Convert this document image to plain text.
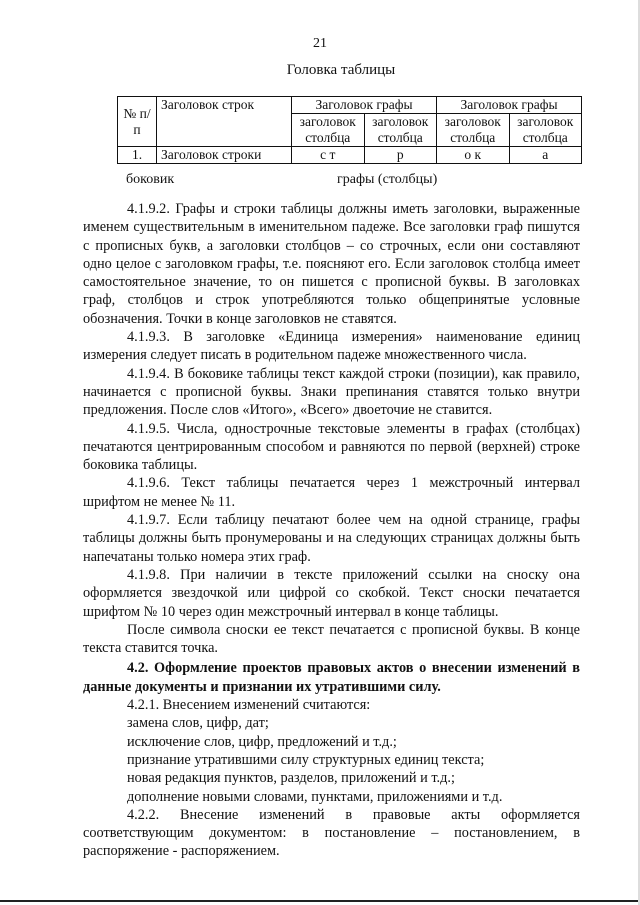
21
Головка таблицы
№ п/п	Заголовок строк	Заголовок графы		Заголовок графы	
		заголовок столбца	заголовок столбца	заголовок столбца	заголовок столбца
1.	Заголовок строки	с т	р	о к	а
боковик	графы (столбцы)

4.1.9.2. Графы и строки таблицы должны иметь заголовки, выраженные именем существительным в именительном падеже. Все заголовки граф пишутся с прописных букв, а заголовки столбцов – со строчных, если они составляют одно целое с заголовком графы, т.е. поясняют его. Если заголовок столбца имеет самостоятельное значение, то он пишется с прописной буквы. В заголовках граф, столбцов и строк употребляются только общепринятые условные обозначения. Точки в конце заголовков не ставятся.

4.1.9.3. В заголовке «Единица измерения» наименование единиц измерения следует писать в родительном падеже множественного числа.

4.1.9.4. В боковике таблицы текст каждой строки (позиции), как правило, начинается с прописной буквы. Знаки препинания ставятся только внутри предложения. После слов «Итого», «Всего» двоеточие не ставится.

4.1.9.5. Числа, однострочные текстовые элементы в графах (столбцах) печатаются центрированным способом и равняются по первой (верхней) строке боковика таблицы.

4.1.9.6. Текст таблицы печатается через 1 межстрочный интервал шрифтом не менее № 11.

4.1.9.7. Если таблицу печатают более чем на одной странице, графы таблицы должны быть пронумерованы и на следующих страницах должны быть напечатаны только номера этих граф.

4.1.9.8. При наличии в тексте приложений ссылки на сноску она оформляется звездочкой или цифрой со скобкой. Текст сноски печатается шрифтом № 10 через один межстрочный интервал в конце таблицы.

После символа сноски ее текст печатается с прописной буквы. В конце текста ставится точка.

4.2. Оформление проектов правовых актов о внесении изменений в данные документы и признании их утратившими силу.

4.2.1. Внесением изменений считаются:

замена слов, цифр, дат;

исключение слов, цифр, предложений и т.д.;

признание утратившими силу структурных единиц текста;

новая редакция пунктов, разделов, приложений и т.д.;

дополнение новыми словами, пунктами, приложениями и т.д.

4.2.2. Внесение изменений в правовые акты оформляется соответствующим документом: в постановление – постановлением, в распоряжение - распоряжением.
